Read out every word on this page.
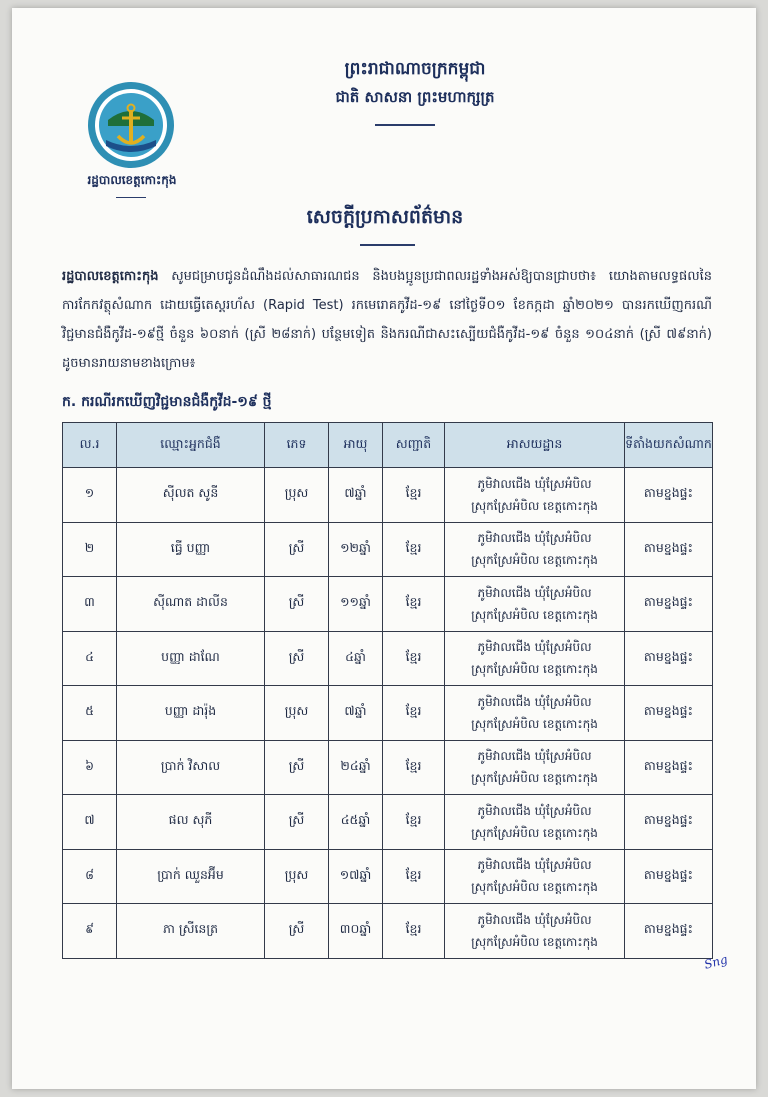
ព្រះរាជាណាចក្រកម្ពុជា
ជាតិ សាសនា ព្រះមហាក្សត្រ
រដ្ឋបាលខេត្តកោះកុង
សេចក្តីប្រកាសព័ត៌មាន
រដ្ឋបាលខេត្តកោះកុង សូមជម្រាបជូនដំណឹងដល់សាធារណជន និងបងប្អូនប្រជាពលរដ្ឋទាំងអស់ឱ្យបានជ្រាបថា៖ យោងតាមលទ្ធផលនៃការកែកវត្ថុសំណាក ដោយធ្វើតេស្តរហ័ស (Rapid Test) រកមេរោគកូវីដ-១៩ នៅថ្ងៃទី០១ ខែកក្កដា ឆ្នាំ២០២១ បានរកឃើញករណីវិជ្ជមានជំងឺកូវីដ-១៩ថ្មី ចំនួន ៦០នាក់ (ស្រី ២៨នាក់) បន្ថែមទៀត និងករណីជាសះស្បើយជំងឺកូវីដ-១៩ ចំនួន ១០៤នាក់ (ស្រី ៧៩នាក់) ដូចមានរាយនាមខាងក្រោម៖
ក. ករណីរកឃើញវិជ្ជមានជំងឺកូវីដ-១៩ ថ្មី
ល.រ	ឈ្មោះអ្នកជំងឺ	ភេទ	អាយុ	សញ្ជាតិ	អាសយដ្ឋាន	ទីតាំងយកសំណាក
១	ស៊ីលត សូនី	ប្រុស	៧ឆ្នាំ	ខ្មែរ	ភូមិវាលជើង ឃុំស្រែអំបិល
ស្រុកស្រែអំបិល ខេត្តកោះកុង	តាមខ្នងផ្ទះ
២	ធ្វើ បញ្ញា	ស្រី	១២ឆ្នាំ	ខ្មែរ	ភូមិវាលជើង ឃុំស្រែអំបិល
ស្រុកស្រែអំបិល ខេត្តកោះកុង	តាមខ្នងផ្ទះ
៣	ស៊ីណាត ដាលីន	ស្រី	១១ឆ្នាំ	ខ្មែរ	ភូមិវាលជើង ឃុំស្រែអំបិល
ស្រុកស្រែអំបិល ខេត្តកោះកុង	តាមខ្នងផ្ទះ
៤	បញ្ញា ដាណែ	ស្រី	៤ឆ្នាំ	ខ្មែរ	ភូមិវាលជើង ឃុំស្រែអំបិល
ស្រុកស្រែអំបិល ខេត្តកោះកុង	តាមខ្នងផ្ទះ
៥	បញ្ញា ដារ៉ុង	ប្រុស	៧ឆ្នាំ	ខ្មែរ	ភូមិវាលជើង ឃុំស្រែអំបិល
ស្រុកស្រែអំបិល ខេត្តកោះកុង	តាមខ្នងផ្ទះ
៦	ប្រាក់ វិសាល	ស្រី	២៤ឆ្នាំ	ខ្មែរ	ភូមិវាលជើង ឃុំស្រែអំបិល
ស្រុកស្រែអំបិល ខេត្តកោះកុង	តាមខ្នងផ្ទះ
៧	ផល សុភី	ស្រី	៤៥ឆ្នាំ	ខ្មែរ	ភូមិវាលជើង ឃុំស្រែអំបិល
ស្រុកស្រែអំបិល ខេត្តកោះកុង	តាមខ្នងផ្ទះ
៨	ប្រាក់ ឈួនអ៊ីម	ប្រុស	១៧ឆ្នាំ	ខ្មែរ	ភូមិវាលជើង ឃុំស្រែអំបិល
ស្រុកស្រែអំបិល ខេត្តកោះកុង	តាមខ្នងផ្ទះ
៩	ភា ស្រីនេត្រ	ស្រី	៣០ឆ្នាំ	ខ្មែរ	ភូមិវាលជើង ឃុំស្រែអំបិល
ស្រុកស្រែអំបិល ខេត្តកោះកុង	តាមខ្នងផ្ទះ
Sng
